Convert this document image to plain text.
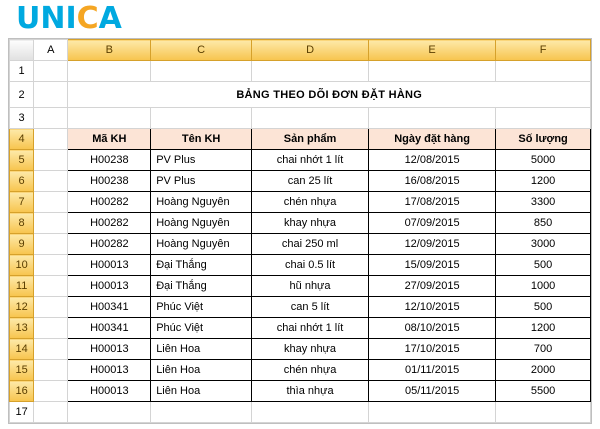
UNICA
	A	B	C	D	E	F
1						
2		BẢNG THEO DÕI ĐƠN ĐẶT HÀNG				
3						
4		Mã KH	Tên KH	Sản phẩm	Ngày đặt hàng	Số lượng
5		H00238	PV Plus	chai nhớt 1 lít	12/08/2015	5000
6		H00238	PV Plus	can 25 lít	16/08/2015	1200
7		H00282	Hoàng Nguyên	chén nhựa	17/08/2015	3300
8		H00282	Hoàng Nguyên	khay nhựa	07/09/2015	850
9		H00282	Hoàng Nguyên	chai 250 ml	12/09/2015	3000
10		H00013	Đại Thắng	chai 0.5 lít	15/09/2015	500
11		H00013	Đại Thắng	hũ nhựa	27/09/2015	1000
12		H00341	Phúc Việt	can 5 lít	12/10/2015	500
13		H00341	Phúc Việt	chai nhớt 1 lít	08/10/2015	1200
14		H00013	Liên Hoa	khay nhựa	17/10/2015	700
15		H00013	Liên Hoa	chén nhựa	01/11/2015	2000
16		H00013	Liên Hoa	thìa nhựa	05/11/2015	5500
17						
